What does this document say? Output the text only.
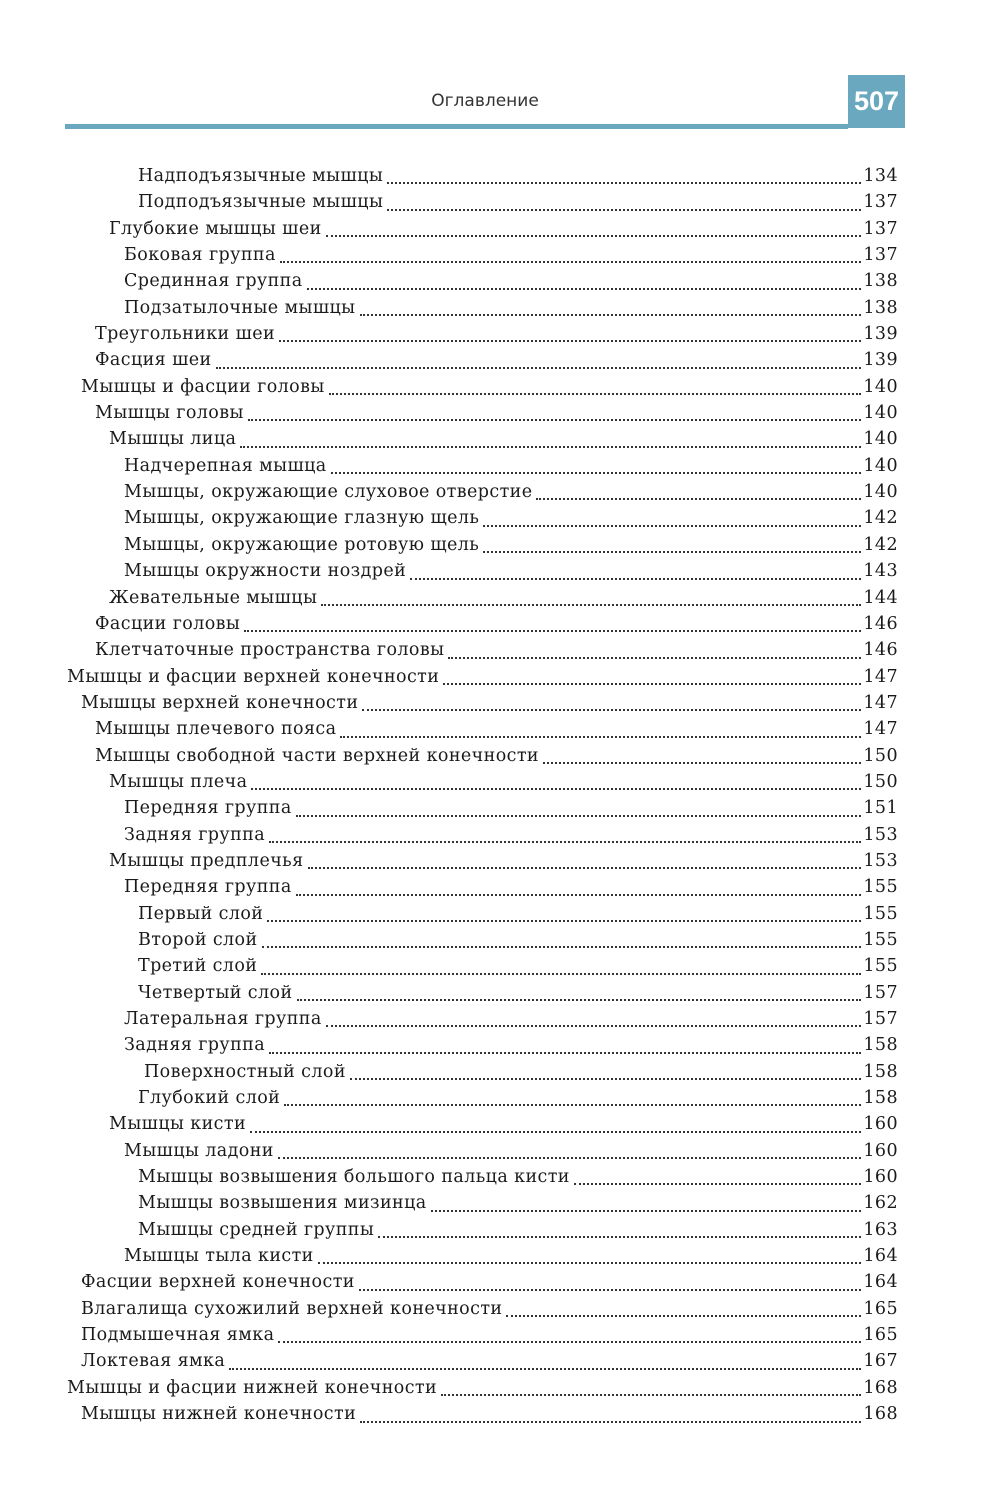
Оглавление	507
Надподъязычные мышцы	134
Подподъязычные мышцы	137
Глубокие мышцы шеи	137
Боковая группа	137
Срединная группа	138
Подзатылочные мышцы	138
Треугольники шеи	139
Фасция шеи	139
Мышцы и фасции головы	140
Мышцы головы	140
Мышцы лица	140
Надчерепная мышца	140
Мышцы, окружающие слуховое отверстие	140
Мышцы, окружающие глазную щель	142
Мышцы, окружающие ротовую щель	142
Мышцы окружности ноздрей	143
Жевательные мышцы	144
Фасции головы	146
Клетчаточные пространства головы	146
Мышцы и фасции верхней конечности	147
Мышцы верхней конечности	147
Мышцы плечевого пояса	147
Мышцы свободной части верхней конечности	150
Мышцы плеча	150
Передняя группа	151
Задняя группа	153
Мышцы предплечья	153
Передняя группа	155
Первый слой	155
Второй слой	155
Третий слой	155
Четвертый слой	157
Латеральная группа	157
Задняя группа	158
Поверхностный слой	158
Глубокий слой	158
Мышцы кисти	160
Мышцы ладони	160
Мышцы возвышения большого пальца кисти	160
Мышцы возвышения мизинца	162
Мышцы средней группы	163
Мышцы тыла кисти	164
Фасции верхней конечности	164
Влагалища сухожилий верхней конечности	165
Подмышечная ямка	165
Локтевая ямка	167
Мышцы и фасции нижней конечности	168
Мышцы нижней конечности	168
